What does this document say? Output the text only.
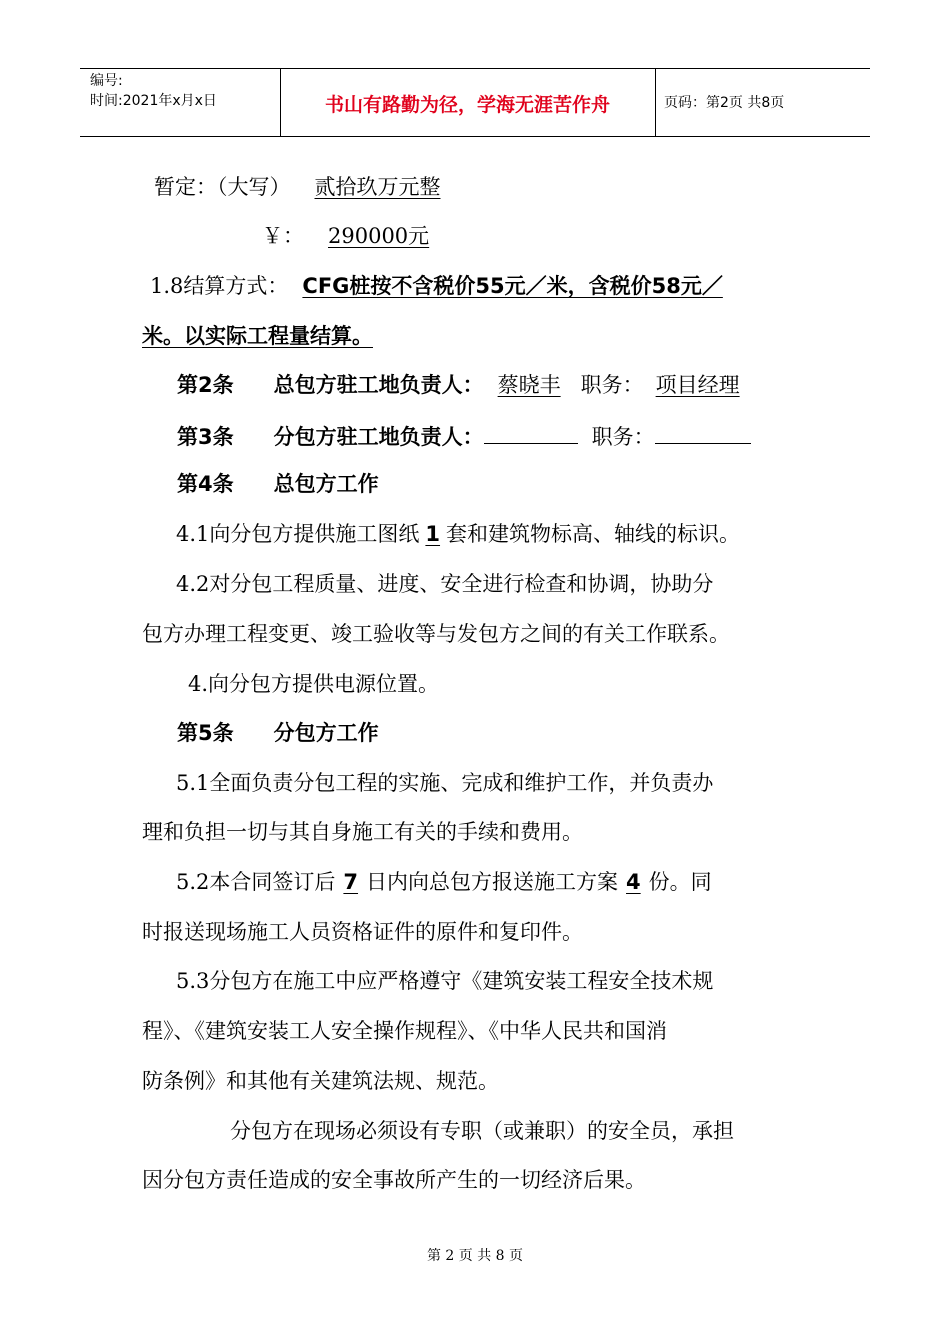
编号:
时间:2021年x月x日	书山有路勤为径，学海无涯苦作舟	页码：第2页 共8页
暂定：（大写） 贰拾玖万元整
￥： 290000元
1.8结算方式： CFG桩按不含税价55元／米，含税价58元／
米。以实际工程量结算。
第2条 总包方驻工地负责人： 蔡晓丰 职务： 项目经理
第3条 分包方驻工地负责人：	职务：
第4条 总包方工作
4.1向分包方提供施工图纸 1 套和建筑物标高、轴线的标识。
4.2对分包工程质量、进度、安全进行检查和协调，协助分
包方办理工程变更、竣工验收等与发包方之间的有关工作联系。
4.向分包方提供电源位置。
第5条 分包方工作
5.1全面负责分包工程的实施、完成和维护工作，并负责办
理和负担一切与其自身施工有关的手续和费用。
5.2本合同签订后 7 日内向总包方报送施工方案 4 份。同
时报送现场施工人员资格证件的原件和复印件。
5.3分包方在施工中应严格遵守《建筑安装工程安全技术规
程》、《建筑安装工人安全操作规程》、《中华人民共和国消
防条例》和其他有关建筑法规、规范。
分包方在现场必须设有专职（或兼职）的安全员，承担
因分包方责任造成的安全事故所产生的一切经济后果。
第 2 页 共 8 页
